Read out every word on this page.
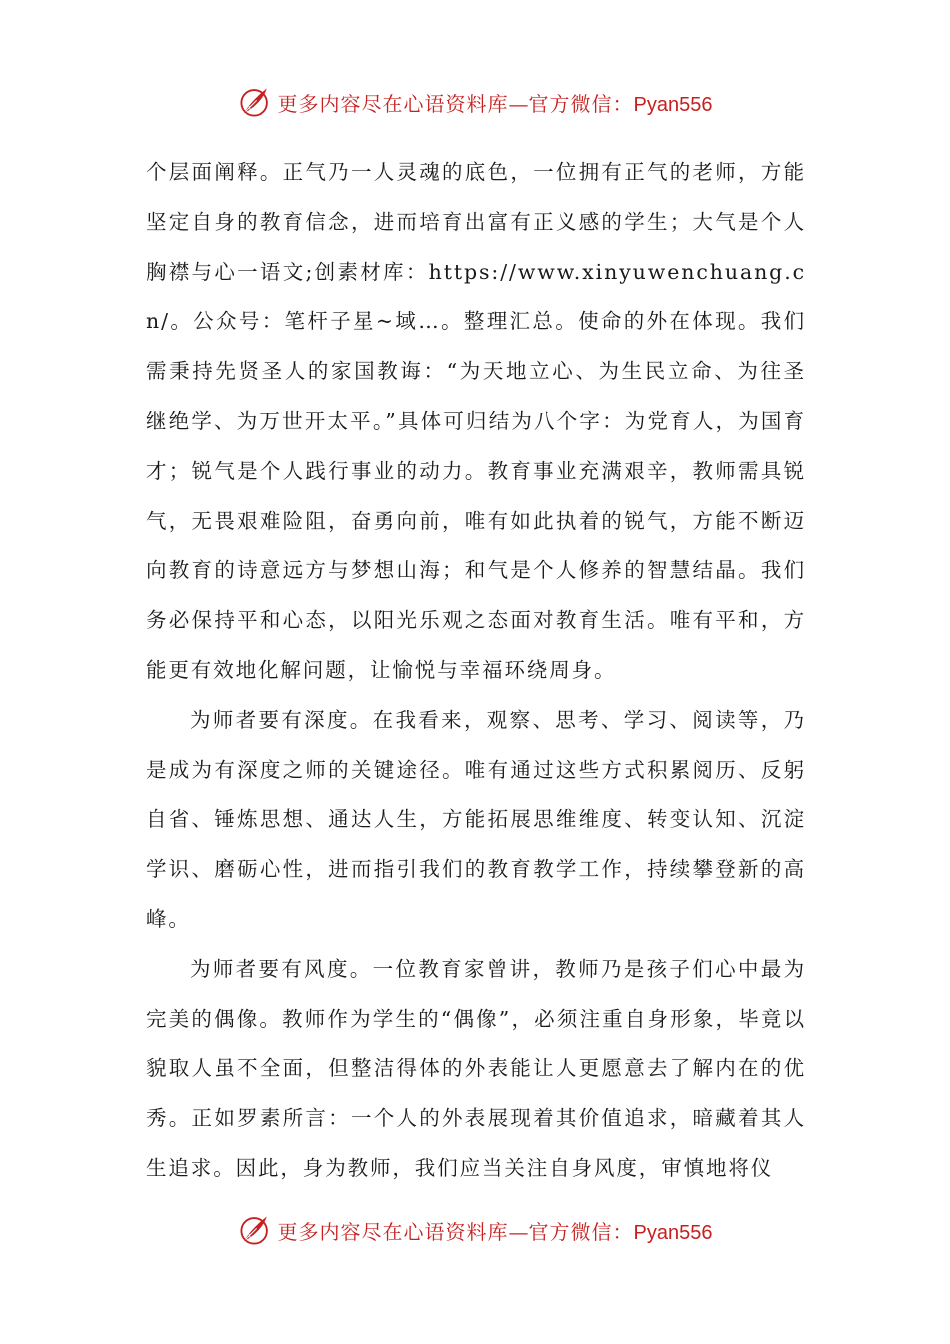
更多内容尽在心语资料库—官方微信：Pyan556

个层面阐释。正气乃一人灵魂的底色，一位拥有正气的老师，方能坚定自身的教育信念，进而培育出富有正义感的学生；大气是个人胸襟与心一语文;创素材库：https://www.xinyuwenchuang.cn/。公众号：笔杆子星~域…。整理汇总。使命的外在体现。我们需秉持先贤圣人的家国教诲：“为天地立心、为生民立命、为往圣继绝学、为万世开太平。”具体可归结为八个字：为党育人，为国育才；锐气是个人践行事业的动力。教育事业充满艰辛，教师需具锐气，无畏艰难险阻，奋勇向前，唯有如此执着的锐气，方能不断迈向教育的诗意远方与梦想山海；和气是个人修养的智慧结晶。我们务必保持平和心态，以阳光乐观之态面对教育生活。唯有平和，方能更有效地化解问题，让愉悦与幸福环绕周身。

为师者要有深度。在我看来，观察、思考、学习、阅读等，乃是成为有深度之师的关键途径。唯有通过这些方式积累阅历、反躬自省、锤炼思想、通达人生，方能拓展思维维度、转变认知、沉淀学识、磨砺心性，进而指引我们的教育教学工作，持续攀登新的高峰。

为师者要有风度。一位教育家曾讲，教师乃是孩子们心中最为完美的偶像。教师作为学生的“偶像”，必须注重自身形象，毕竟以貌取人虽不全面，但整洁得体的外表能让人更愿意去了解内在的优秀。正如罗素所言：一个人的外表展现着其价值追求，暗藏着其人生追求。因此，身为教师，我们应当关注自身风度，审慎地将仪

更多内容尽在心语资料库—官方微信：Pyan556
